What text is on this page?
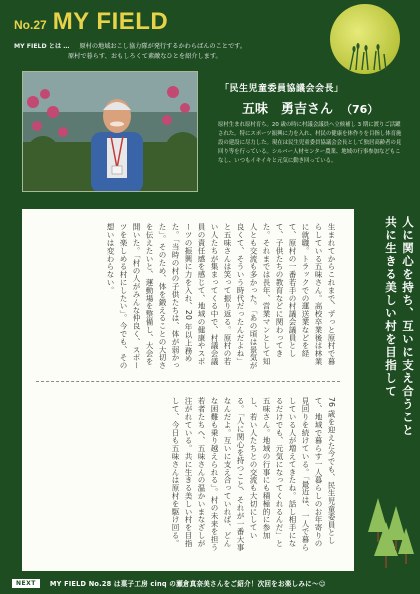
No.27 MY FIELD
MY FIELD とは … 原村の地域おこし協力隊が発行するかわらばんのことです。
原村で暮らす、おもしろくて素敵なひとを紹介します。
「民生児童委員協議会会長」
五味　勇吉さん （76）
原村生まれ原村育ち。20 歳の時に村議会議員へ立候補し 3 期に渡りご活躍された。特にスポーツ振興に力を入れ、村民の健康を体作りを目指し体育施設の建設に尽力した。現在は民生児童委員協議会会長として独居高齢者の見回り等を行っている。シルバー人材センター農業、地域の行事参加などもこなし、いつもイキイキと元気に動き回っている。
生まれてからこれまで、ずっと原村で暮らしている五味さん。高校卒業後は林業に就職。トラックでの運送業などを経て、原村の一番若手の村議会議員として、子供たちの教育などに関わってきた。それまでは長年、営業マンとして知人とも交流も多かった。「あの頃は景気が良くて、そういう時代だったんだよね」と五味さんは笑って振り返る。原村の若い人たちが集まってくる中で、村議会議員の責任感を感じて、地域の健康やスポーツの振興に力を入れ、20 年以上務めた。「当時の村の子供たちは、体が弱かった」。そのため、体を鍛えることの大切さを伝えたいと、運動場を整備し、大会を開いた。「村の人がみんな仲良く、スポーツを楽しめる村にしたい」。今でも、その想いは変わらない。
76 歳を迎えた今でも、民生児童委員として、地域で暮らす一人暮らしのお年寄りの見回りを続けている。「最近は、一人で暮らしている人が増えてきたね。話し相手になるだけでも、元気になってくれるんだ」と五味さん。地域の行事にも積極的に参加し、若い人たちとの交流も大切にしている。「人に関心を持つこと、それが一番大事なんだよ。互いに支え合っていれば、どんな困難も乗り越えられる」。村の未来を担う若者たちへ、五味さんの温かいまなざしが注がれている。共に生きる美しい村を目指して、今日も五味さんは原村を駆け回る。
人に関心を持ち、互いに支え合うこと
共に生きる美しい村を目指して
NEXT	MY FIELD No.28 は菓子工房 cinq の瀬倉真奈美さんをご紹介！次回をお楽しみに～☺
